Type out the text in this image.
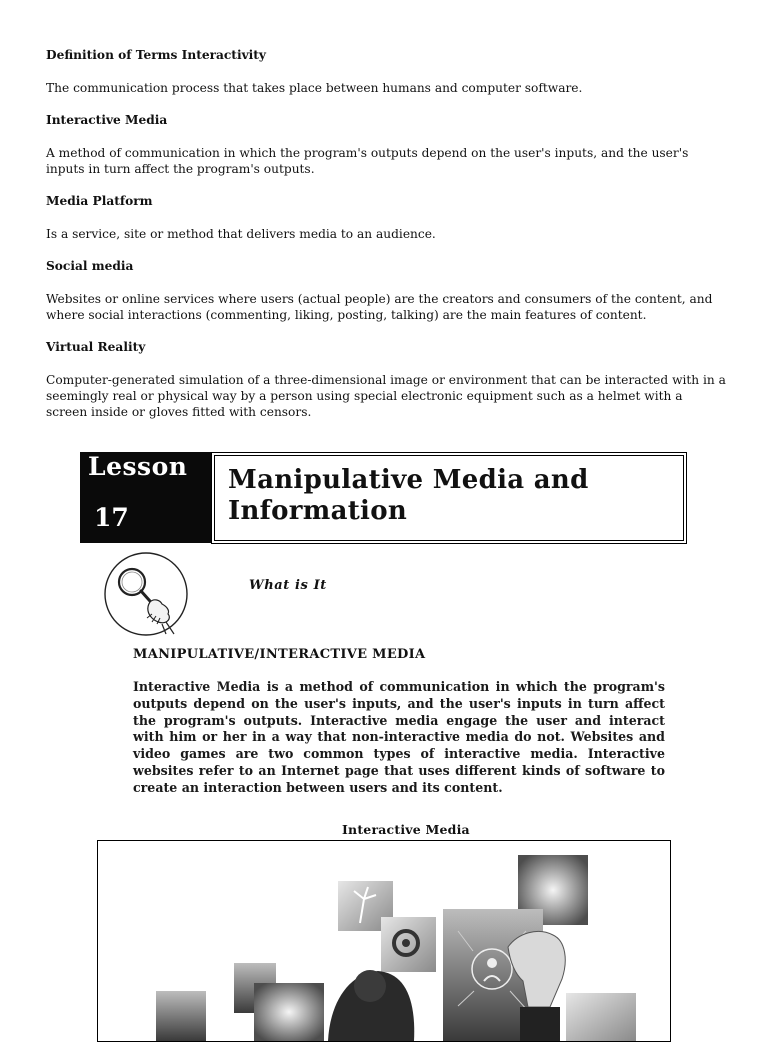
Definition of Terms Interactivity

The communication process that takes place between humans and computer software.

Interactive Media

A method of communication in which the program's outputs depend on the user's inputs, and the user's inputs in turn affect the program's outputs.

Media Platform

Is a service, site or method that delivers media to an audience.

Social media

Websites or online services where users (actual people) are the creators and consumers of the content, and where social interactions (commenting, liking, posting, talking) are the main features of content.

Virtual Reality

Computer-generated simulation of a three-dimensional image or environment that can be interacted with in a seemingly real or physical way by a person using special electronic equipment such as a helmet with a screen inside or gloves fitted with censors.

Lesson
17
Manipulative Media and
Information
What is It
MANIPULATIVE/INTERACTIVE MEDIA
Interactive Media is a method of communication in which the program's outputs depend on the user's inputs, and the user's inputs in turn affect the program's outputs. Interactive media engage the user and interact with him or her in a way that non-interactive media do not. Websites and video games are two common types of interactive media. Interactive websites refer to an Internet page that uses different kinds of software to create an interaction between users and its content.
Interactive Media
